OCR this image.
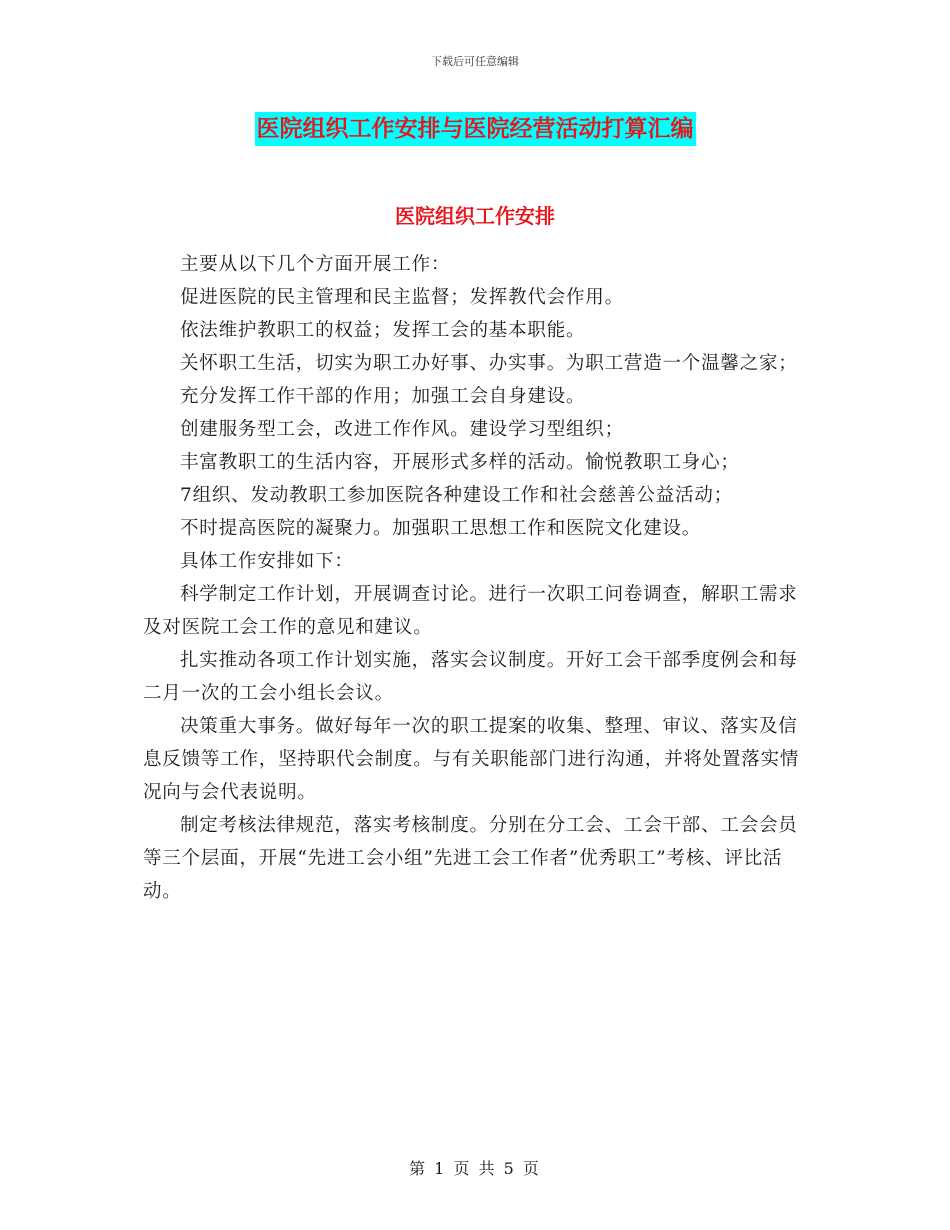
下载后可任意编辑
医院组织工作安排与医院经营活动打算汇编
医院组织工作安排

主要从以下几个方面开展工作：

促进医院的民主管理和民主监督；发挥教代会作用。

依法维护教职工的权益；发挥工会的基本职能。

关怀职工生活，切实为职工办好事、办实事。为职工营造一个温馨之家；

充分发挥工作干部的作用；加强工会自身建设。

创建服务型工会，改进工作作风。建设学习型组织；

丰富教职工的生活内容，开展形式多样的活动。愉悦教职工身心；

7组织、发动教职工参加医院各种建设工作和社会慈善公益活动；

不时提高医院的凝聚力。加强职工思想工作和医院文化建设。

具体工作安排如下：

科学制定工作计划，开展调查讨论。进行一次职工问卷调查，解职工需求及对医院工会工作的意见和建议。

扎实推动各项工作计划实施，落实会议制度。开好工会干部季度例会和每二月一次的工会小组长会议。

决策重大事务。做好每年一次的职工提案的收集、整理、审议、落实及信息反馈等工作，坚持职代会制度。与有关职能部门进行沟通，并将处置落实情况向与会代表说明。

制定考核法律规范，落实考核制度。分别在分工会、工会干部、工会会员等三个层面，开展“先进工会小组”先进工会工作者”优秀职工”考核、评比活动。

第 1 页 共 5 页
